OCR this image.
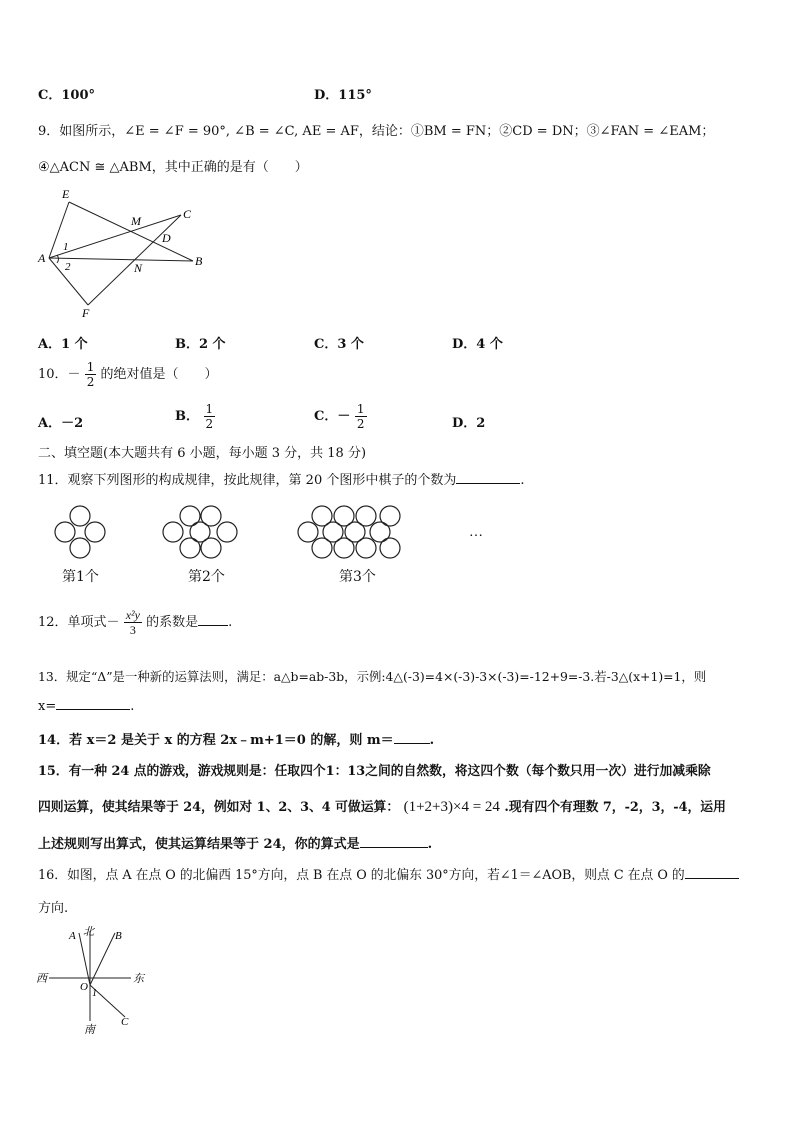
C．100°	D．115°
9．如图所示，∠E = ∠F = 90°, ∠B = ∠C, AE = AF，结论：①BM = FN；②CD = DN；③∠FAN = ∠EAM；
④△ACN ≅ △ABM，其中正确的是有（　　）
E
M	C
D
A
1
2	N	B
F
A．1 个	B．2 个	C．3 个	D．4 个
10．－ $\frac{1}{2}$ 的绝对值是（　　）
A．－2	B． $\frac{1}{2}$	C．－ $\frac{1}{2}$	D．2
二、填空题(本大题共有 6 小题，每小题 3 分，共 18 分)
11．观察下列图形的构成规律，按此规律，第 20 个图形中棋子的个数为	.
…
第1个	第2个	第3个
12．单项式－ $\frac{\text{x²y}}{3}$ 的系数是 .
13．规定“Δ”是一种新的运算法则，满足：a△b=ab-3b，示例:4△(-3)=4×(-3)-3×(-3)=-12+9=-3.若-3△(x+1)=1，则
x=	.
14．若 x＝2 是关于 x 的方程 2x﹣m+1＝0 的解，则 m＝	.
15．有一种 24 点的游戏，游戏规则是：任取四个1：13之间的自然数，将这四个数（每个数只用一次）进行加减乘除
四则运算，使其结果等于 24，例如对 1、2、3、4 可做运算： (1+2+3)×4 = 24 .现有四个有理数 7，-2，3，-4，运用
上述规则写出算式，使其运算结果等于 24，你的算式是	.
16．如图，点 A 在点 O 的北偏西 15°方向，点 B 在点 O 的北偏东 30°方向，若∠1＝∠AOB，则点 C 在点 O 的
方向.
A 北 B
西	东
O
1
C
南
